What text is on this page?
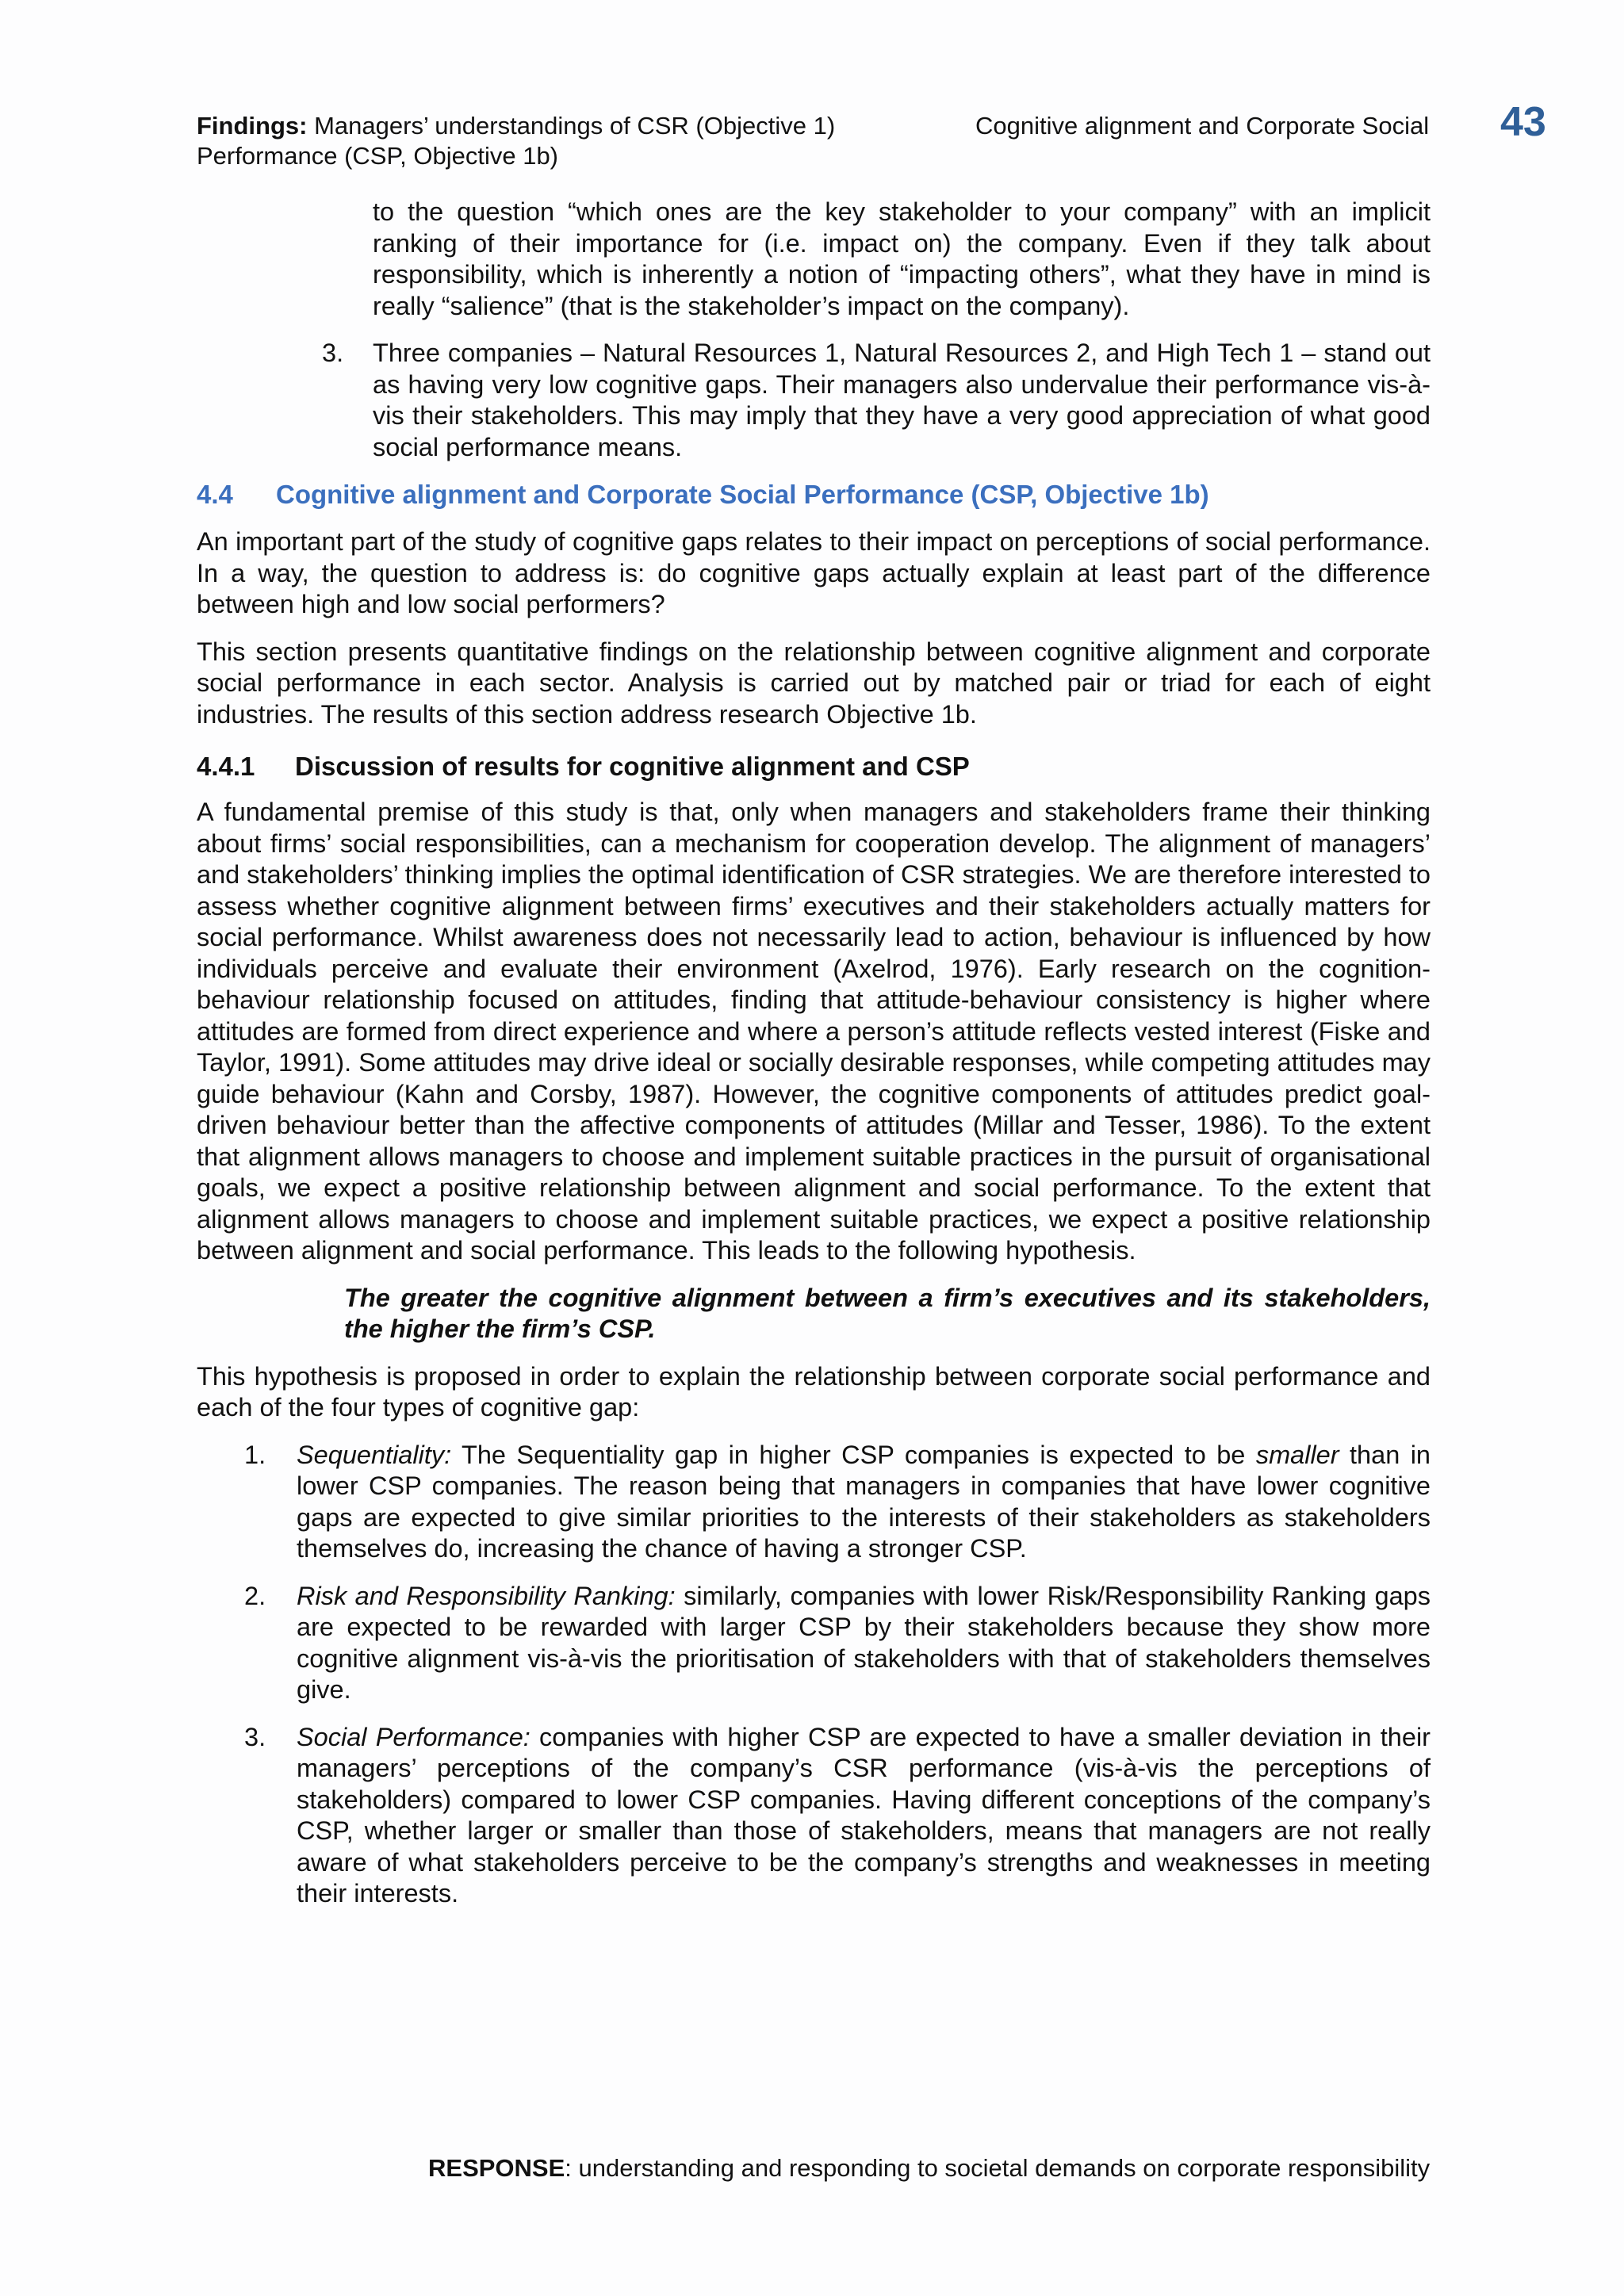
Findings: Managers’ understandings of CSR (Objective 1) Performance (CSP, Objective 1b)
Cognitive alignment and Corporate Social 43

to the question “which ones are the key stakeholder to your company” with an implicit ranking of their importance for (i.e. impact on) the company. Even if they talk about responsibility, which is inherently a notion of “impacting others”, what they have in mind is really “salience” (that is the stakeholder’s impact on the company).

3. Three companies – Natural Resources 1, Natural Resources 2, and High Tech 1 – stand out as having very low cognitive gaps. Their managers also undervalue their performance vis-à-vis their stakeholders. This may imply that they have a very good appreciation of what good social performance means.

4.4 Cognitive alignment and Corporate Social Performance (CSP, Objective 1b)

An important part of the study of cognitive gaps relates to their impact on perceptions of social performance. In a way, the question to address is: do cognitive gaps actually explain at least part of the difference between high and low social performers?

This section presents quantitative findings on the relationship between cognitive alignment and corporate social performance in each sector. Analysis is carried out by matched pair or triad for each of eight industries. The results of this section address research Objective 1b.

4.4.1 Discussion of results for cognitive alignment and CSP

A fundamental premise of this study is that, only when managers and stakeholders frame their thinking about firms’ social responsibilities, can a mechanism for cooperation develop. The alignment of managers’ and stakeholders’ thinking implies the optimal identification of CSR strategies. We are therefore interested to assess whether cognitive alignment between firms’ executives and their stakeholders actually matters for social performance. Whilst awareness does not necessarily lead to action, behaviour is influenced by how individuals perceive and evaluate their environment (Axelrod, 1976). Early research on the cognition-behaviour relationship focused on attitudes, finding that attitude-behaviour consistency is higher where attitudes are formed from direct experience and where a person’s attitude reflects vested interest (Fiske and Taylor, 1991). Some attitudes may drive ideal or socially desirable responses, while competing attitudes may guide behaviour (Kahn and Corsby, 1987). However, the cognitive components of attitudes predict goal-driven behaviour better than the affective components of attitudes (Millar and Tesser, 1986). To the extent that alignment allows managers to choose and implement suitable practices in the pursuit of organisational goals, we expect a positive relationship between alignment and social performance. To the extent that alignment allows managers to choose and implement suitable practices, we expect a positive relationship between alignment and social performance. This leads to the following hypothesis.

The greater the cognitive alignment between a firm’s executives and its stakeholders, the higher the firm’s CSP.

This hypothesis is proposed in order to explain the relationship between corporate social performance and each of the four types of cognitive gap:

1. Sequentiality: The Sequentiality gap in higher CSP companies is expected to be smaller than in lower CSP companies. The reason being that managers in companies that have lower cognitive gaps are expected to give similar priorities to the interests of their stakeholders as stakeholders themselves do, increasing the chance of having a stronger CSP.

2. Risk and Responsibility Ranking: similarly, companies with lower Risk/Responsibility Ranking gaps are expected to be rewarded with larger CSP by their stakeholders because they show more cognitive alignment vis-à-vis the prioritisation of stakeholders with that of stakeholders themselves give.

3. Social Performance: companies with higher CSP are expected to have a smaller deviation in their managers’ perceptions of the company’s CSR performance (vis-à-vis the perceptions of stakeholders) compared to lower CSP companies. Having different conceptions of the company’s CSP, whether larger or smaller than those of stakeholders, means that managers are not really aware of what stakeholders perceive to be the company’s strengths and weaknesses in meeting their interests.

RESPONSE: understanding and responding to societal demands on corporate responsibility
